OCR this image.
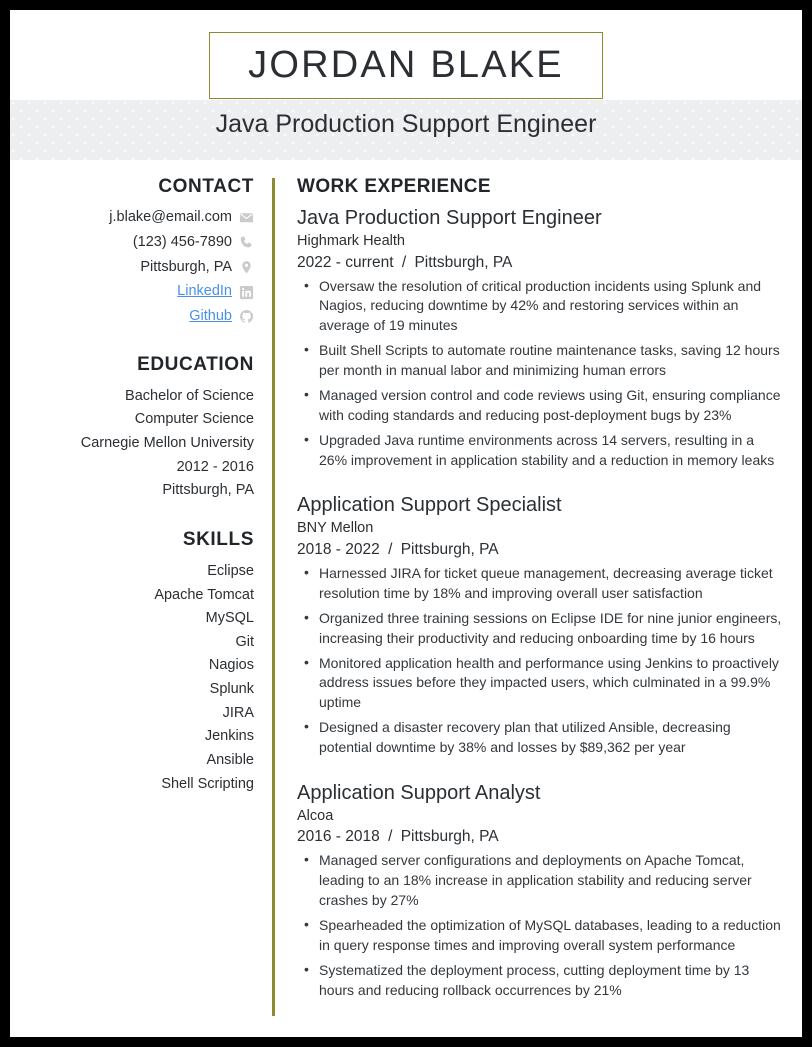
JORDAN BLAKE
Java Production Support Engineer
CONTACT
j.blake@email.com
(123) 456-7890
Pittsburgh, PA
LinkedIn
Github
EDUCATION
Bachelor of Science
Computer Science
Carnegie Mellon University
2012 - 2016
Pittsburgh, PA
SKILLS
Eclipse
Apache Tomcat
MySQL
Git
Nagios
Splunk
JIRA
Jenkins
Ansible
Shell Scripting
WORK EXPERIENCE
Java Production Support Engineer
Highmark Health
2022 - current / Pittsburgh, PA
• Oversaw the resolution of critical production incidents using Splunk and Nagios, reducing downtime by 42% and restoring services within an average of 19 minutes
• Built Shell Scripts to automate routine maintenance tasks, saving 12 hours per month in manual labor and minimizing human errors
• Managed version control and code reviews using Git, ensuring compliance with coding standards and reducing post-deployment bugs by 23%
• Upgraded Java runtime environments across 14 servers, resulting in a 26% improvement in application stability and a reduction in memory leaks
Application Support Specialist
BNY Mellon
2018 - 2022 / Pittsburgh, PA
• Harnessed JIRA for ticket queue management, decreasing average ticket resolution time by 18% and improving overall user satisfaction
• Organized three training sessions on Eclipse IDE for nine junior engineers, increasing their productivity and reducing onboarding time by 16 hours
• Monitored application health and performance using Jenkins to proactively address issues before they impacted users, which culminated in a 99.9% uptime
• Designed a disaster recovery plan that utilized Ansible, decreasing potential downtime by 38% and losses by $89,362 per year
Application Support Analyst
Alcoa
2016 - 2018 / Pittsburgh, PA
• Managed server configurations and deployments on Apache Tomcat, leading to an 18% increase in application stability and reducing server crashes by 27%
• Spearheaded the optimization of MySQL databases, leading to a reduction in query response times and improving overall system performance
• Systematized the deployment process, cutting deployment time by 13 hours and reducing rollback occurrences by 21%
